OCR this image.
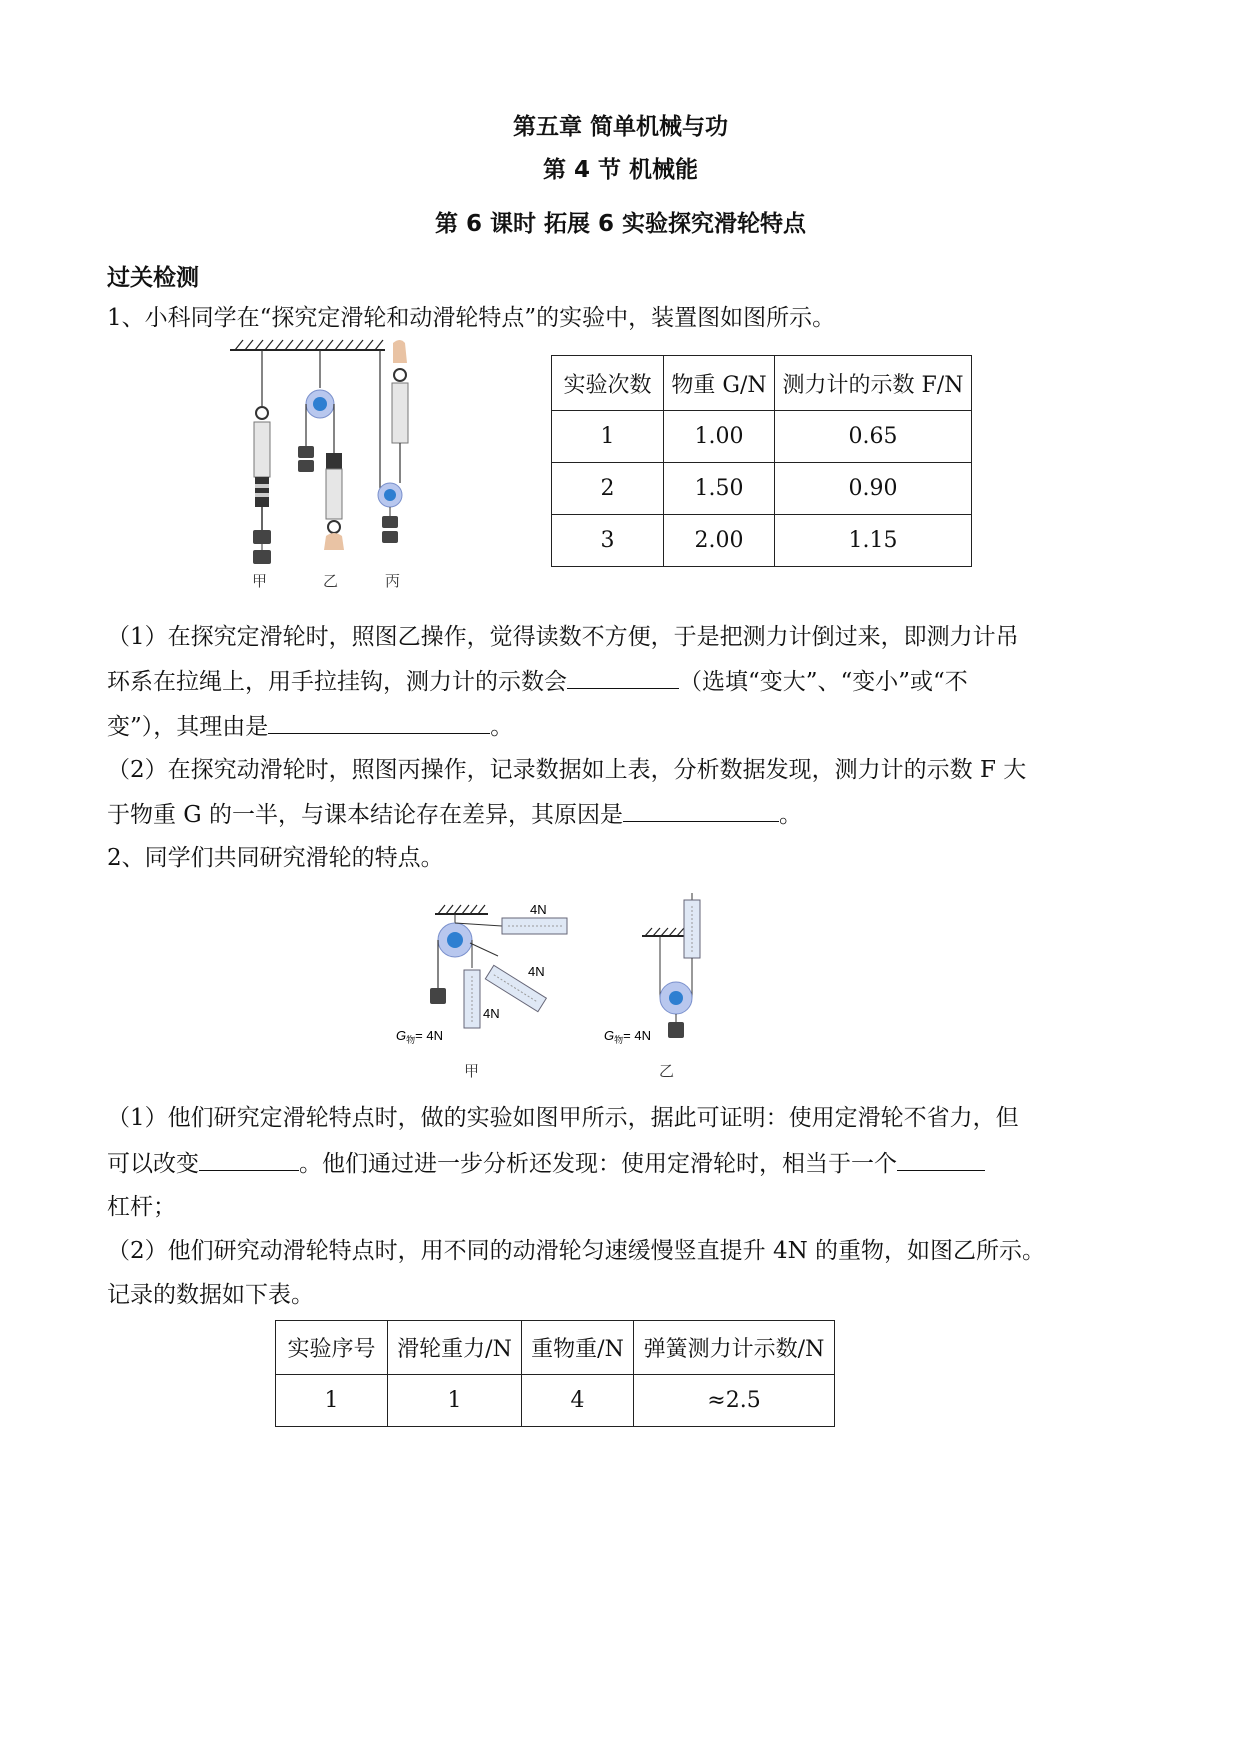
第五章 简单机械与功
第 4 节 机械能
第 6 课时 拓展 6 实验探究滑轮特点
过关检测
1、小科同学在“探究定滑轮和动滑轮特点”的实验中，装置图如图所示。
甲	乙	丙
实验次数	物重 G/N	测力计的示数 F/N
1	1.00	0.65
2	1.50	0.90
3	2.00	1.15
（1）在探究定滑轮时，照图乙操作，觉得读数不方便，于是把测力计倒过来，即测力计吊
环系在拉绳上，用手拉挂钩，测力计的示数会	（选填“变大”、“变小”或“不
变”），其理由是	。
（2）在探究动滑轮时，照图丙操作，记录数据如上表，分析数据发现，测力计的示数 F 大
于物重 G 的一半，与课本结论存在差异，其原因是	。
2、同学们共同研究滑轮的特点。
4N
4N
4N
$G_物= 4N$	$G_物= 4N$
甲	乙
（1）他们研究定滑轮特点时，做的实验如图甲所示，据此可证明：使用定滑轮不省力，但
可以改变	。他们通过进一步分析还发现：使用定滑轮时，相当于一个
杠杆；
（2）他们研究动滑轮特点时，用不同的动滑轮匀速缓慢竖直提升 4N 的重物，如图乙所示。
记录的数据如下表。
实验序号	滑轮重力/N	重物重/N	弹簧测力计示数/N
1	1	4	≈2.5
